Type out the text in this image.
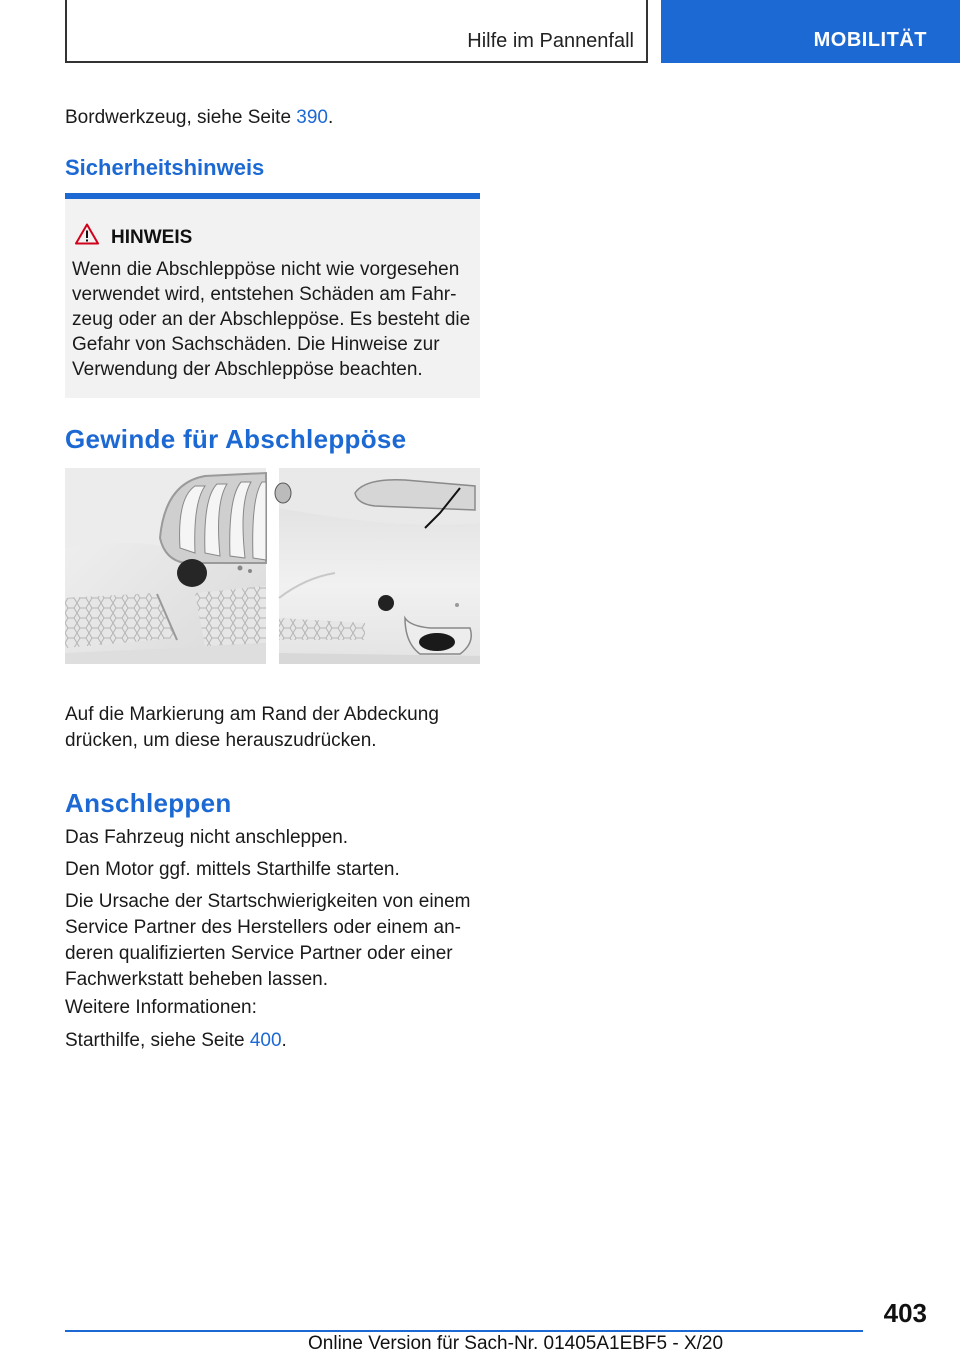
Hilfe im Pannenfall	MOBILITÄT

Bordwerkzeug, siehe Seite 390.

Sicherheitshinweis
HINWEIS

Wenn die Abschleppöse nicht wie vorgesehen
verwendet wird, entstehen Schäden am Fahr-
zeug oder an der Abschleppöse. Es besteht die
Gefahr von Sachschäden. Die Hinweise zur
Verwendung der Abschleppöse beachten.

Gewinde für Abschleppöse

Auf die Markierung am Rand der Abdeckung
drücken, um diese herauszudrücken.

Anschleppen

Das Fahrzeug nicht anschleppen.

Den Motor ggf. mittels Starthilfe starten.

Die Ursache der Startschwierigkeiten von einem
Service Partner des Herstellers oder einem an-
deren qualifizierten Service Partner oder einer
Fachwerkstatt beheben lassen.

Weitere Informationen:

Starthilfe, siehe Seite 400.

403
Online Version für Sach-Nr. 01405A1EBF5 - X/20
